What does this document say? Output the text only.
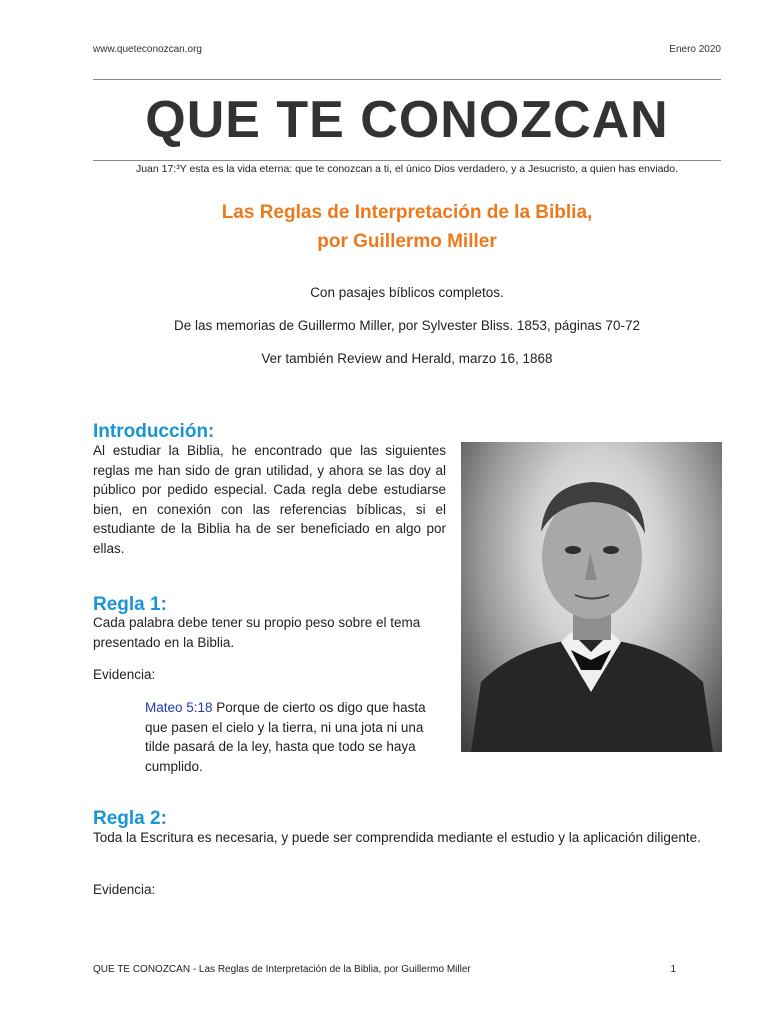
www.queteconozcan.org	Enero 2020
QUE TE CONOZCAN
Juan 17:³Y esta es la vida eterna: que te conozcan a ti, el único Dios verdadero, y a Jesucristo, a quien has enviado.
Las Reglas de Interpretación de la Biblia,
por Guillermo Miller
Con pasajes bíblicos completos.
De las memorias de Guillermo Miller, por Sylvester Bliss. 1853, páginas 70-72
Ver también Review and Herald, marzo 16, 1868
Introducción:
Al estudiar la Biblia, he encontrado que las siguientes reglas me han sido de gran utilidad, y ahora se las doy al público por pedido especial. Cada regla debe estudiarse bien, en conexión con las referencias bíblicas, si el estudiante de la Biblia ha de ser beneficiado en algo por ellas.
Regla 1:
Cada palabra debe tener su propio peso sobre el tema presentado en la Biblia.
Evidencia:
Mateo 5:18 Porque de cierto os digo que hasta que pasen el cielo y la tierra, ni una jota ni una tilde pasará de la ley, hasta que todo se haya cumplido.
Regla 2:
Toda la Escritura es necesaria, y puede ser comprendida mediante el estudio y la aplicación diligente.
Evidencia:
QUE TE CONOZCAN - Las Reglas de Interpretación de la Biblia, por Guillermo Miller	1
